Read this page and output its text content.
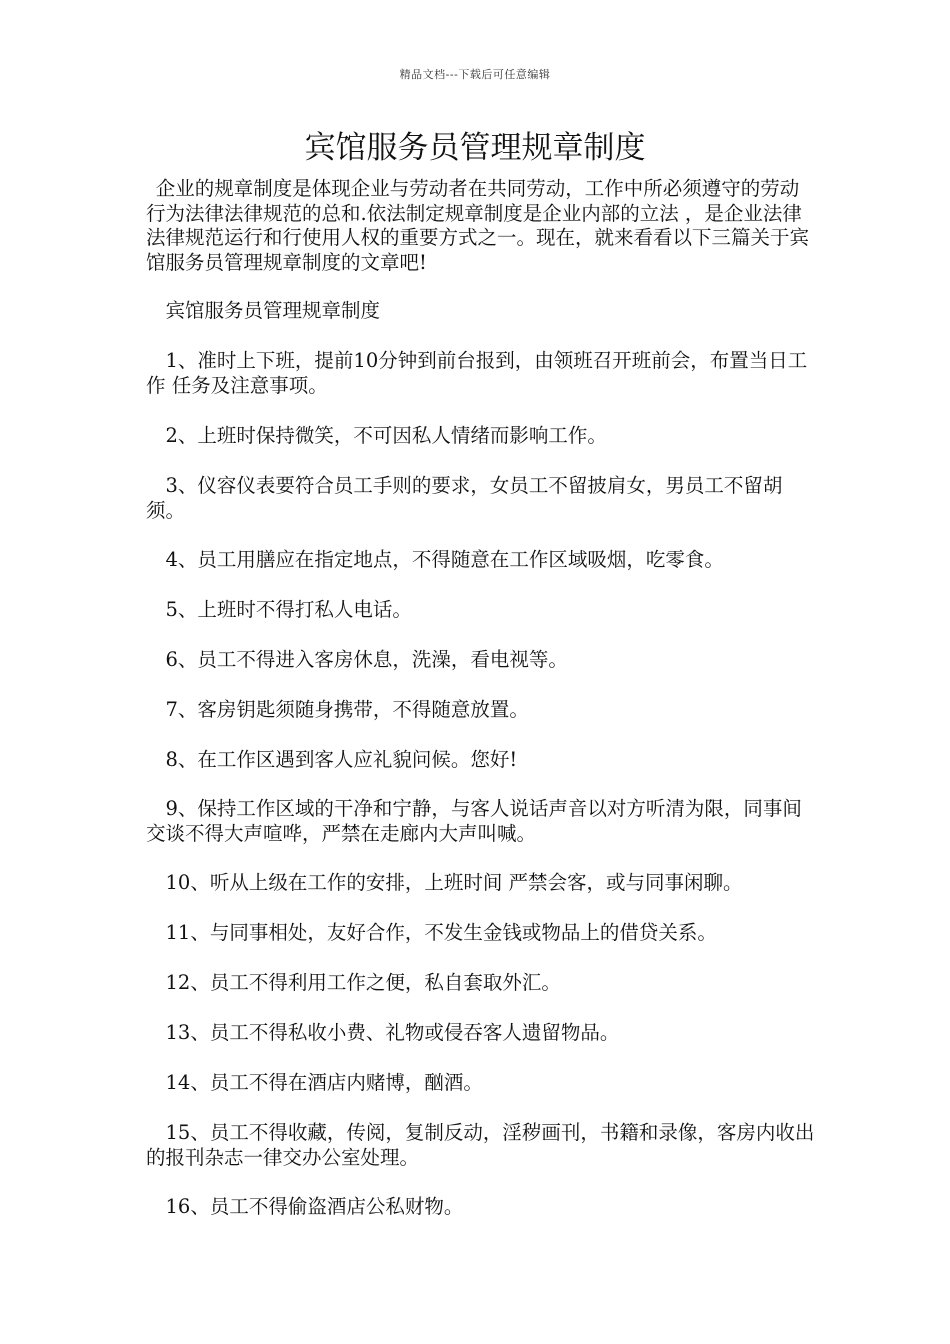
精品文档---下载后可任意编辑
宾馆服务员管理规章制度

企业的规章制度是体现企业与劳动者在共同劳动，工作中所必须遵守的劳动行为法律法律规范的总和.依法制定规章制度是企业内部的立法 ，是企业法律法律规范运行和行使用人权的重要方式之一。现在，就来看看以下三篇关于宾馆服务员管理规章制度的文章吧!

宾馆服务员管理规章制度

1、准时上下班，提前10分钟到前台报到，由领班召开班前会，布置当日工作 任务及注意事项。

2、上班时保持微笑，不可因私人情绪而影响工作。

3、仪容仪表要符合员工手则的要求，女员工不留披肩女，男员工不留胡须。

4、员工用膳应在指定地点，不得随意在工作区域吸烟，吃零食。

5、上班时不得打私人电话。

6、员工不得进入客房休息，洗澡，看电视等。

7、客房钥匙须随身携带，不得随意放置。

8、在工作区遇到客人应礼貌问候。您好!

9、保持工作区域的干净和宁静，与客人说话声音以对方听清为限，同事间交谈不得大声喧哗，严禁在走廊内大声叫喊。

10、听从上级在工作的安排，上班时间 严禁会客，或与同事闲聊。

11、与同事相处，友好合作，不发生金钱或物品上的借贷关系。

12、员工不得利用工作之便，私自套取外汇。

13、员工不得私收小费、礼物或侵吞客人遗留物品。

14、员工不得在酒店内赌博，酗酒。

15、员工不得收藏，传阅，复制反动，淫秽画刊，书籍和录像，客房内收出的报刊杂志一律交办公室处理。

16、员工不得偷盗酒店公私财物。
